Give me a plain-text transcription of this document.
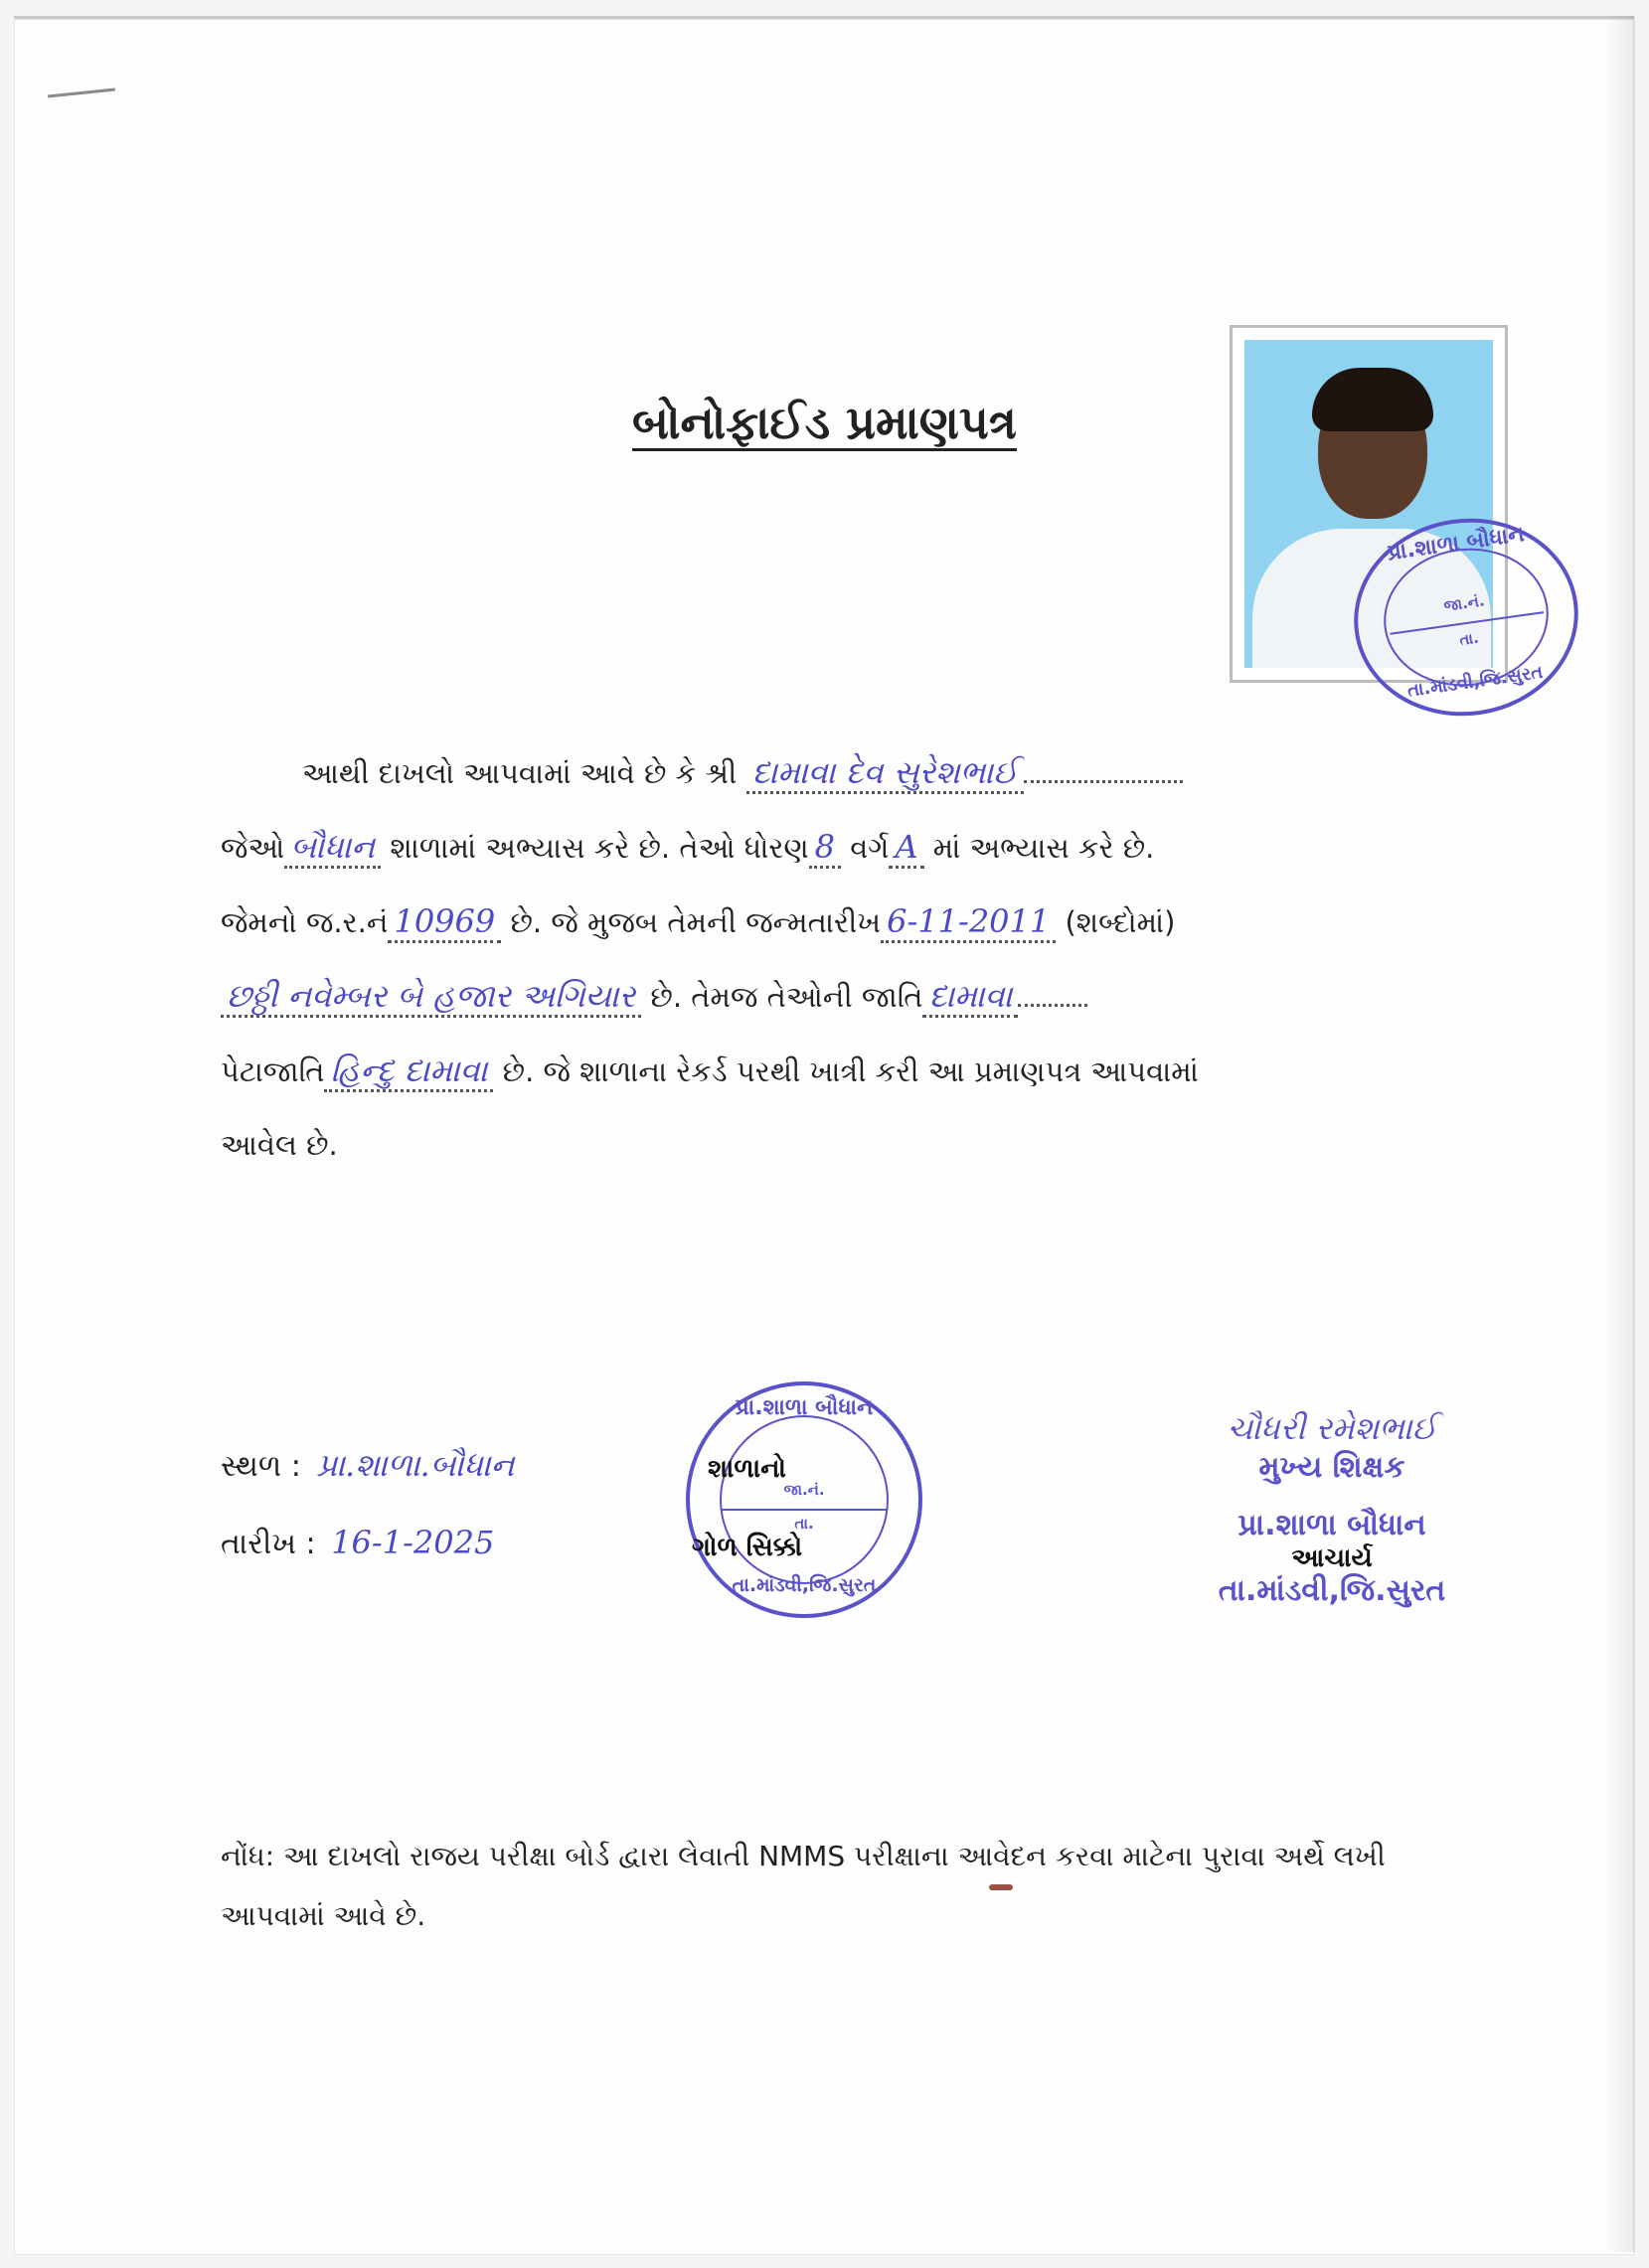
બોનોફાઈડ પ્રમાણપત્ર
પ્રા.શાળા બૌધાન
જા.નં.
તા.
તા.માંડવી,જિ.સુરત
આથી દાખલો આપવામાં આવે છે કે શ્રી દામાવા દેવ સુરેશભાઈ
જેઓ બૌધાન શાળામાં અભ્યાસ કરે છે. તેઓ ધોરણ 8 વર્ગ A માં અભ્યાસ કરે છે.
જેમનો જ.ર.નં 10969 છે. જે મુજબ તેમની જન્મતારીખ 6-11-2011 (શબ્દોમાં)
છઠ્ઠી નવેમ્બર બે હજાર અગિયાર છે. તેમજ તેઓની જાતિ દામાવા
પેટાજાતિ હિન્દુ દામાવા છે. જે શાળાના રેકર્ડ પરથી ખાત્રી કરી આ પ્રમાણપત્ર આપવામાં
આવેલ છે.
સ્થળ : પ્રા.શાળા.બૌધાન
તારીખ : 16-1-2025
પ્રા.શાળા બૌધાન
જા.નં.
તા.
તા.માંડવી,જિ.સુરત
શાળાનો
ગોળ સિક્કો
ચૌધરી રમેશભાઈ
મુખ્ય શિક્ષક
પ્રા.શાળા બૌધાન
આચાર્ય
તા.માંડવી,જિ.સુરત
નોંધ: આ દાખલો રાજય પરીક્ષા બોર્ડ દ્વારા લેવાતી NMMS પરીક્ષાના આવેદન કરવા માટેના પુરાવા અર્થે લખી
આપવામાં આવે છે.
